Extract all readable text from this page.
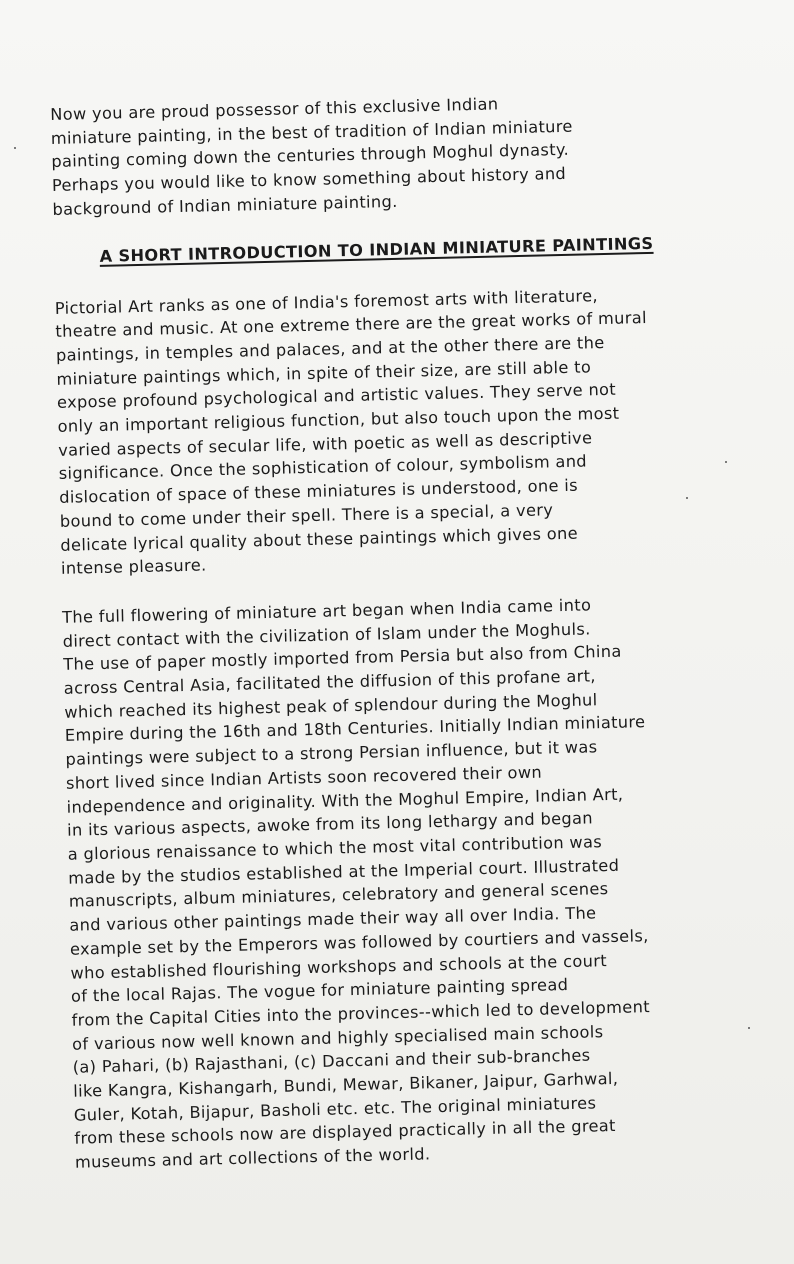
Now you are proud possessor of this exclusive Indian
miniature painting, in the best of tradition of Indian miniature
painting coming down the centuries through Moghul dynasty.
Perhaps you would like to know something about history and
background of Indian miniature painting.

A SHORT INTRODUCTION TO INDIAN MINIATURE PAINTINGS

Pictorial Art ranks as one of India's foremost arts with literature,
theatre and music. At one extreme there are the great works of mural
paintings, in temples and palaces, and at the other there are the
miniature paintings which, in spite of their size, are still able to
expose profound psychological and artistic values. They serve not
only an important religious function, but also touch upon the most
varied aspects of secular life, with poetic as well as descriptive
significance. Once the sophistication of colour, symbolism and
dislocation of space of these miniatures is understood, one is
bound to come under their spell. There is a special, a very
delicate lyrical quality about these paintings which gives one
intense pleasure.

The full flowering of miniature art began when India came into
direct contact with the civilization of Islam under the Moghuls.
The use of paper mostly imported from Persia but also from China
across Central Asia, facilitated the diffusion of this profane art,
which reached its highest peak of splendour during the Moghul
Empire during the 16th and 18th Centuries. Initially Indian miniature
paintings were subject to a strong Persian influence, but it was
short lived since Indian Artists soon recovered their own
independence and originality. With the Moghul Empire, Indian Art,
in its various aspects, awoke from its long lethargy and began
a glorious renaissance to which the most vital contribution was
made by the studios established at the Imperial court. Illustrated
manuscripts, album miniatures, celebratory and general scenes
and various other paintings made their way all over India. The
example set by the Emperors was followed by courtiers and vassels,
who established flourishing workshops and schools at the court
of the local Rajas. The vogue for miniature painting spread
from the Capital Cities into the provinces--which led to development
of various now well known and highly specialised main schools
(a) Pahari, (b) Rajasthani, (c) Daccani and their sub-branches
like Kangra, Kishangarh, Bundi, Mewar, Bikaner, Jaipur, Garhwal,
Guler, Kotah, Bijapur, Basholi etc. etc. The original miniatures
from these schools now are displayed practically in all the great
museums and art collections of the world.
